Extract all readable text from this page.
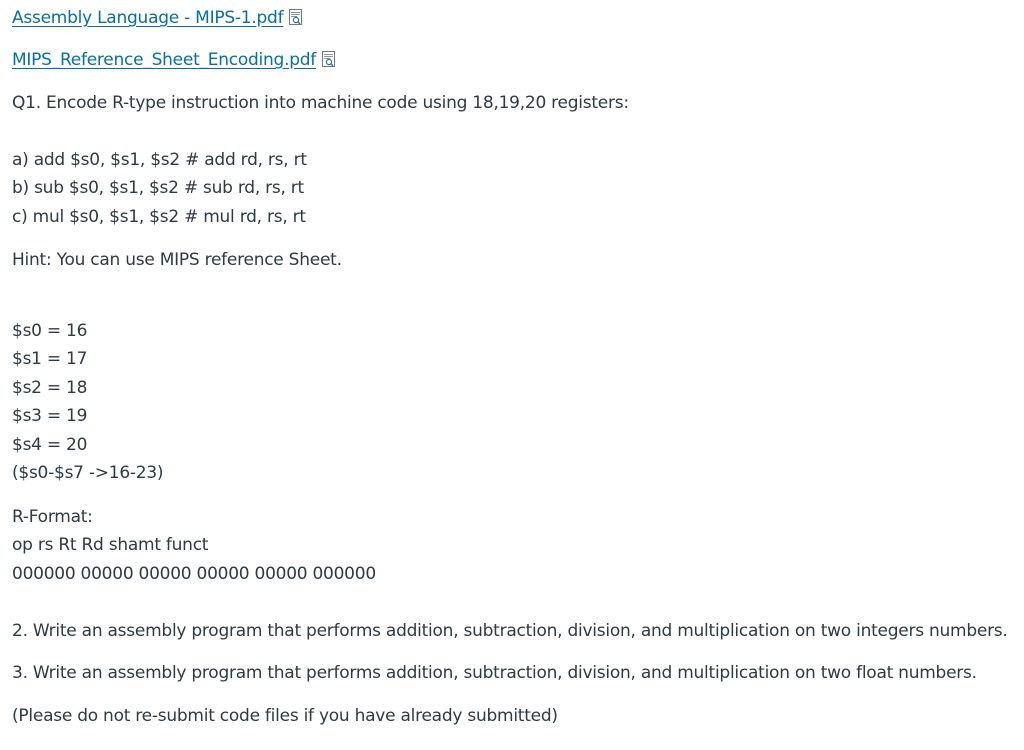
Assembly Language - MIPS-1.pdf
MIPS_Reference_Sheet_Encoding.pdf
Q1. Encode R-type instruction into machine code using 18,19,20 registers:
a) add $s0, $s1, $s2 # add rd, rs, rt
b) sub $s0, $s1, $s2 # sub rd, rs, rt
c) mul $s0, $s1, $s2 # mul rd, rs, rt
Hint: You can use MIPS reference Sheet.
$s0 = 16
$s1 = 17
$s2 = 18
$s3 = 19
$s4 = 20
($s0-$s7 ->16-23)
R-Format:
op rs Rt Rd shamt funct
000000 00000 00000 00000 00000 000000
2. Write an assembly program that performs addition, subtraction, division, and multiplication on two integers numbers.
3. Write an assembly program that performs addition, subtraction, division, and multiplication on two float numbers.
(Please do not re-submit code files if you have already submitted)
